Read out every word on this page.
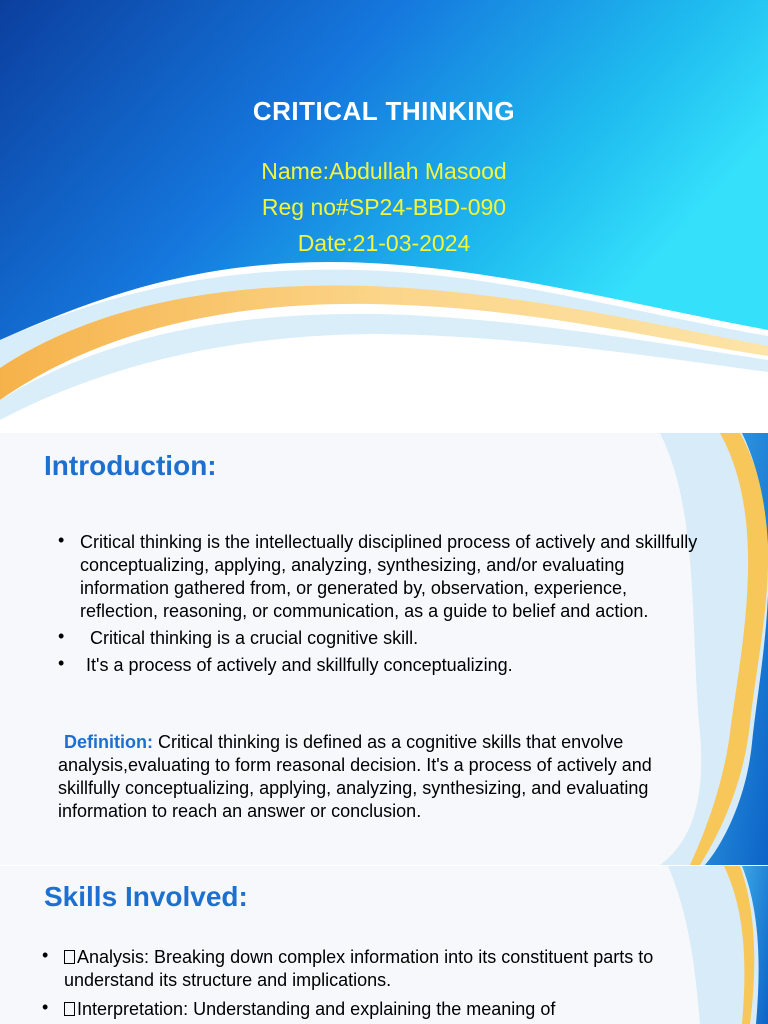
CRITICAL THINKING

Name:Abdullah Masood

Reg no#SP24-BBD-090

Date:21-03-2024

Introduction:
• Critical thinking is the intellectually disciplined process of actively and skillfully conceptualizing, applying, analyzing, synthesizing, and/or evaluating information gathered from, or generated by, observation, experience, reflection, reasoning, or communication, as a guide to belief and action.
• Critical thinking is a crucial cognitive skill.
• It's a process of actively and skillfully conceptualizing.

Definition: Critical thinking is defined as a cognitive skills that envolve analysis,evaluating to form reasonal decision. It's a process of actively and skillfully conceptualizing, applying, analyzing, synthesizing, and evaluating information to reach an answer or conclusion.

Skills Involved:
• Analysis: Breaking down complex information into its constituent parts to understand its structure and implications.
• Interpretation: Understanding and explaining the meaning of
